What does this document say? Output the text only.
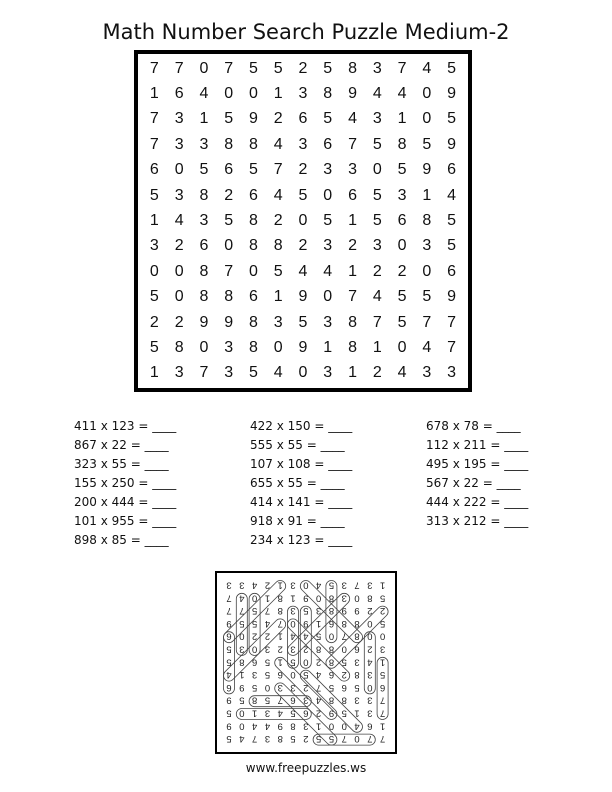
Math Number Search Puzzle Medium-2
7 7 0 7 5 5 2 5 8 3 7 4 5
1 6 4 0 0 1 3 8 9 4 4 0 9
7 3 1 5 9 2 6 5 4 3 1 0 5
7 3 3 8 8 4 3 6 7 5 8 5 9
6 0 5 6 5 7 2 3 3 0 5 9 6
5 3 8 2 6 4 5 0 6 5 3 1 4
1 4 3 5 8 2 0 5 1 5 6 8 5
3 2 6 0 8 8 2 3 2 3 0 3 5
0 0 8 7 0 5 4 4 1 2 2 0 6
5 0 8 8 6 1 9 0 7 4 5 5 9
2 2 9 9 8 3 5 3 8 7 5 7 7
5 8 0 3 8 0 9 1 8 1 0 4 7
1 3 7 3 5 4 0 3 1 2 4 3 3
411 x 123 = ____
867 x 22 = ____
323 x 55 = ____
155 x 250 = ____
200 x 444 = ____
101 x 955 = ____
898 x 85 = ____
422 x 150 = ____
555 x 55 = ____
107 x 108 = ____
655 x 55 = ____
414 x 141 = ____
918 x 91 = ____
234 x 123 = ____
678 x 78 = ____
112 x 211 = ____
495 x 195 = ____
567 x 22 = ____
444 x 222 = ____
313 x 212 = ____
7
7
0
7
5
5
2
5
8
3
7
4
5
1
6
4
0
0
1
3
8
9
4
4
0
9
7
3
1
5
9
2
6
5
4
3
1
0
5
7
3
3
8
8
4
3
6
7
5
8
5
9
6
0
5
6
5
7
2
3
3
0
5
9
6
5
3
8
2
6
4
5
0
6
5
3
1
4
1
4
3
5
8
2
0
5
1
5
6
8
5
3
2
6
0
8
8
2
3
2
3
0
3
5
0
0
8
7
0
5
4
4
1
2
2
0
6
5
0
8
8
6
1
9
0
7
4
5
5
9
2
2
9
9
8
3
5
3
8
7
5
7
7
5
8
0
3
8
0
9
1
8
1
0
4
7
1
3
7
3
5
4
0
3
1
2
4
3
3
www.freepuzzles.ws
